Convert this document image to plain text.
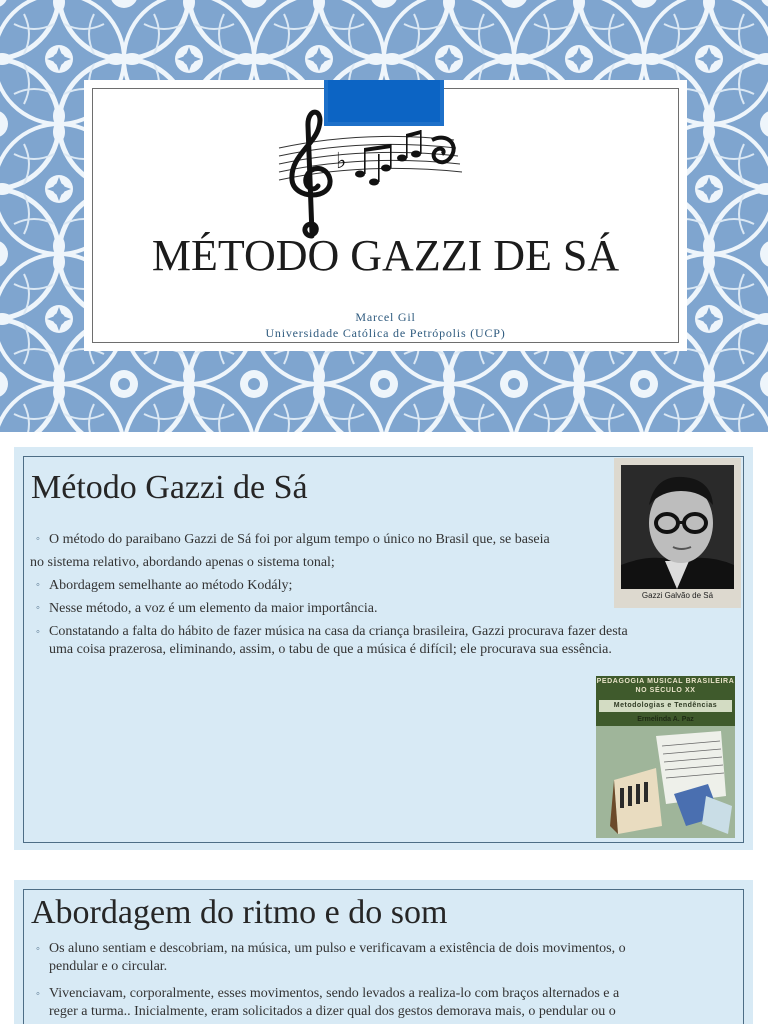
♭
MÉTODO GAZZI DE SÁ
Marcel Gil
Universidade Católica de Petrópolis (UCP)
Método Gazzi de Sá
◦ O método do paraibano Gazzi de Sá foi por algum tempo o único no Brasil que, se baseia
no sistema relativo, abordando apenas o sistema tonal;
◦ Abordagem semelhante ao método Kodály;
◦ Nesse método, a voz é um elemento da maior importância.
◦ Constatando a falta do hábito de fazer música na casa da criança brasileira, Gazzi procurava fazer desta
uma coisa prazerosa, eliminando, assim, o tabu de que a música é difícil; ele procurava sua essência.
Gazzi Galvão de Sá
PEDAGOGIA MUSICAL BRASILEIRA
NO SÉCULO XX
Metodologias e Tendências
Ermelinda A. Paz
Abordagem do ritmo e do som
◦ Os aluno sentiam e descobriam, na música, um pulso e verificavam a existência de dois movimentos, o
pendular e o circular.
◦ Vivenciavam, corporalmente, esses movimentos, sendo levados a realiza-lo com braços alternados e a
reger a turma.. Inicialmente, eram solicitados a dizer qual dos gestos demorava mais, o pendular ou o
